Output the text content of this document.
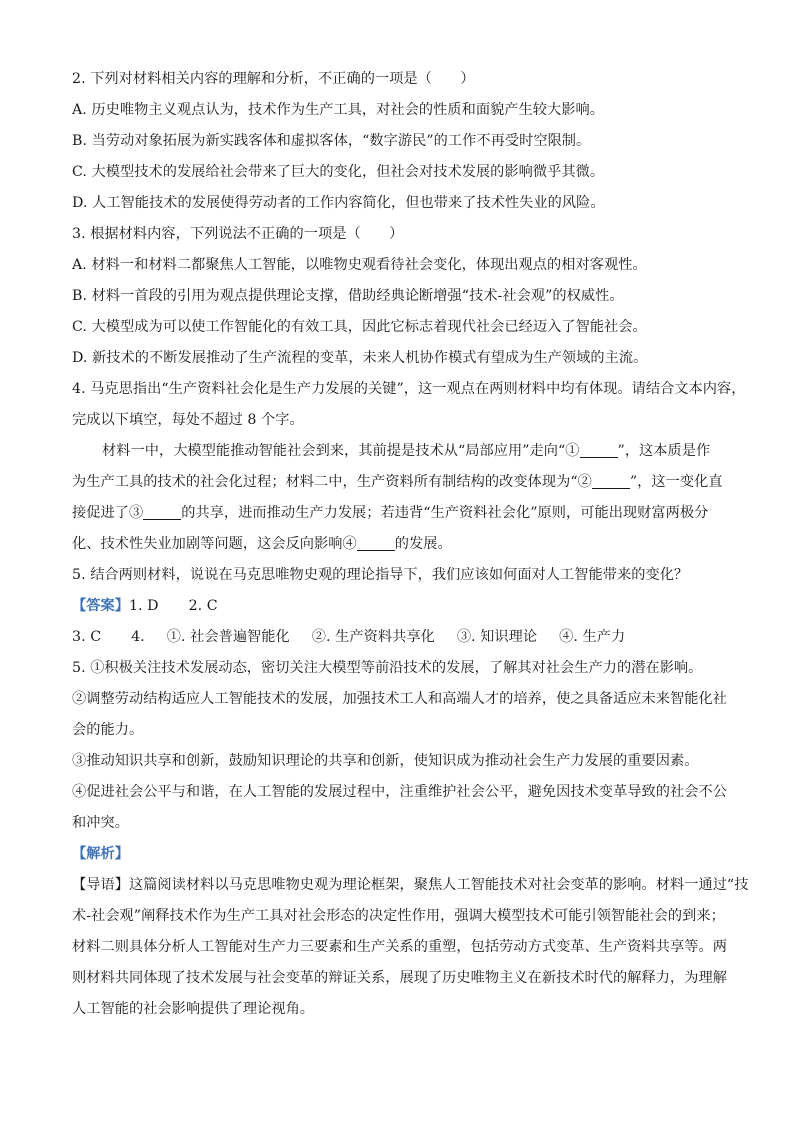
2. 下列对材料相关内容的理解和分析，不正确的一项是（　　）
A. 历史唯物主义观点认为，技术作为生产工具，对社会的性质和面貌产生较大影响。
B. 当劳动对象拓展为新实践客体和虚拟客体，“数字游民”的工作不再受时空限制。
C. 大模型技术的发展给社会带来了巨大的变化，但社会对技术发展的影响微乎其微。
D. 人工智能技术的发展使得劳动者的工作内容简化，但也带来了技术性失业的风险。
3. 根据材料内容，下列说法不正确的一项是（　　）
A. 材料一和材料二都聚焦人工智能，以唯物史观看待社会变化，体现出观点的相对客观性。
B. 材料一首段的引用为观点提供理论支撑，借助经典论断增强“技术-社会观”的权威性。
C. 大模型成为可以使工作智能化的有效工具，因此它标志着现代社会已经迈入了智能社会。
D. 新技术的不断发展推动了生产流程的变革，未来人机协作模式有望成为生产领域的主流。
4. 马克思指出“生产资料社会化是生产力发展的关键”，这一观点在两则材料中均有体现。请结合文本内容，
完成以下填空，每处不超过 8 个字。
材料一中，大模型能推动智能社会到来，其前提是技术从“局部应用”走向“①	”，这本质是作
为生产工具的技术的社会化过程；材料二中，生产资料所有制结构的改变体现为“②	”，这一变化直
接促进了③	的共享，进而推动生产力发展；若违背“生产资料社会化”原则，可能出现财富两极分
化、技术性失业加剧等问题，这会反向影响④	的发展。
5. 结合两则材料，说说在马克思唯物史观的理论指导下，我们应该如何面对人工智能带来的变化？
【答案】1. D 2. C
3. C 4. ①. 社会普遍智能化 ②. 生产资料共享化 ③. 知识理论 ④. 生产力
5. ①积极关注技术发展动态，密切关注大模型等前沿技术的发展，了解其对社会生产力的潜在影响。
②调整劳动结构适应人工智能技术的发展，加强技术工人和高端人才的培养，使之具备适应未来智能化社
会的能力。
③推动知识共享和创新，鼓励知识理论的共享和创新，使知识成为推动社会生产力发展的重要因素。
④促进社会公平与和谐，在人工智能的发展过程中，注重维护社会公平，避免因技术变革导致的社会不公
和冲突。
【解析】
【导语】这篇阅读材料以马克思唯物史观为理论框架，聚焦人工智能技术对社会变革的影响。材料一通过“技
术-社会观”阐释技术作为生产工具对社会形态的决定性作用，强调大模型技术可能引领智能社会的到来；
材料二则具体分析人工智能对生产力三要素和生产关系的重塑，包括劳动方式变革、生产资料共享等。两
则材料共同体现了技术发展与社会变革的辩证关系，展现了历史唯物主义在新技术时代的解释力，为理解
人工智能的社会影响提供了理论视角。
